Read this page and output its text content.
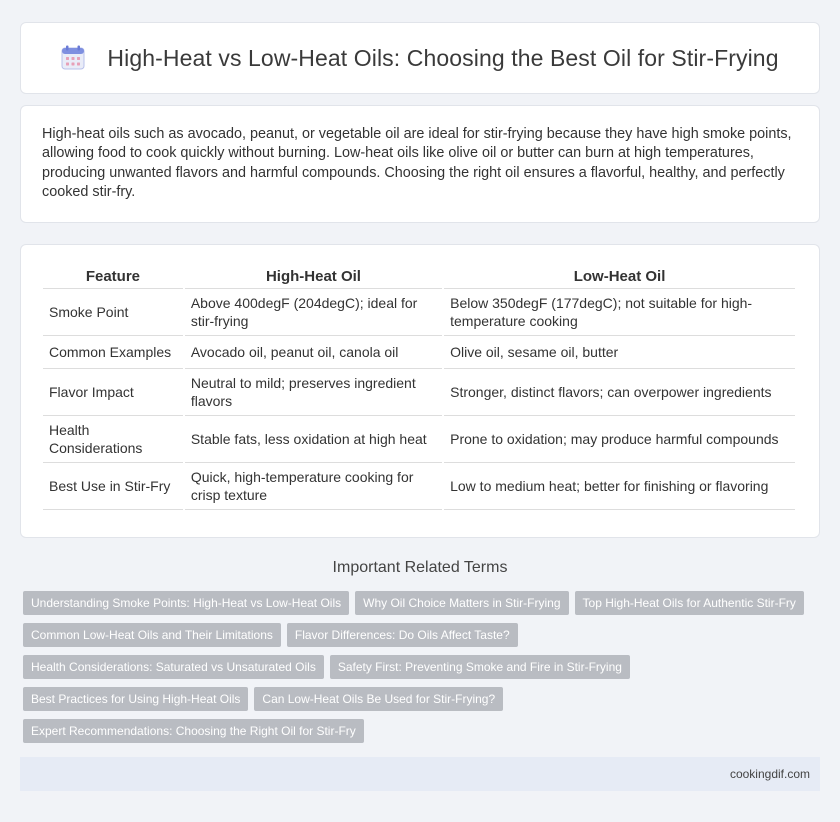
High-Heat vs Low-Heat Oils: Choosing the Best Oil for Stir-Frying

High-heat oils such as avocado, peanut, or vegetable oil are ideal for stir-frying because they have high smoke points, allowing food to cook quickly without burning. Low-heat oils like olive oil or butter can burn at high temperatures, producing unwanted flavors and harmful compounds. Choosing the right oil ensures a flavorful, healthy, and perfectly cooked stir-fry.

Feature	High-Heat Oil	Low-Heat Oil
Smoke Point	Above 400degF (204degC); ideal for stir-frying	Below 350degF (177degC); not suitable for high-temperature cooking
Common Examples	Avocado oil, peanut oil, canola oil	Olive oil, sesame oil, butter
Flavor Impact	Neutral to mild; preserves ingredient flavors	Stronger, distinct flavors; can overpower ingredients
Health Considerations	Stable fats, less oxidation at high heat	Prone to oxidation; may produce harmful compounds
Best Use in Stir-Fry	Quick, high-temperature cooking for crisp texture	Low to medium heat; better for finishing or flavoring
Important Related Terms
Understanding Smoke Points: High-Heat vs Low-Heat Oils	Why Oil Choice Matters in Stir-Frying	Top High-Heat Oils for Authentic Stir-Fry
Common Low-Heat Oils and Their Limitations	Flavor Differences: Do Oils Affect Taste?
Health Considerations: Saturated vs Unsaturated Oils	Safety First: Preventing Smoke and Fire in Stir-Frying
Best Practices for Using High-Heat Oils	Can Low-Heat Oils Be Used for Stir-Frying?
Expert Recommendations: Choosing the Right Oil for Stir-Fry
cookingdif.com
